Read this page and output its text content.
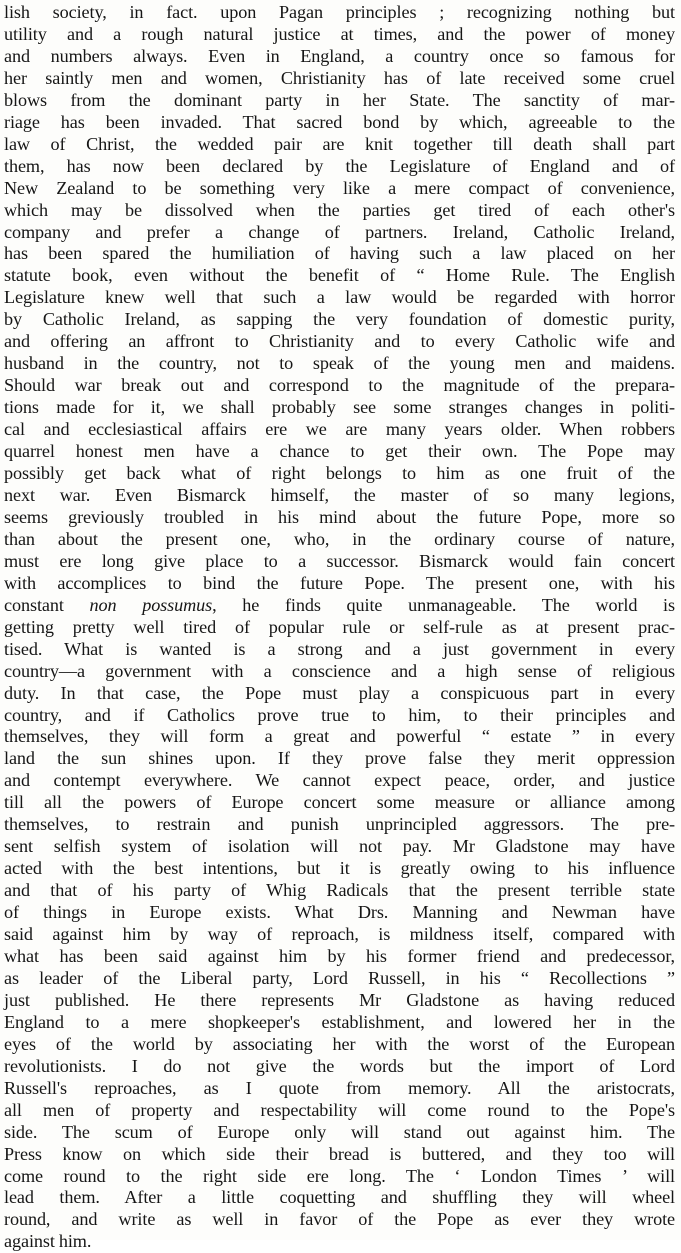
lish society, in fact. upon Pagan principles ; recognizing nothing but
utility and a rough natural justice at times, and the power of money
and numbers always. Even in England, a country once so famous for
her saintly men and women, Christianity has of late received some cruel
blows from the dominant party in her State. The sanctity of mar-
riage has been invaded. That sacred bond by which, agreeable to the
law of Christ, the wedded pair are knit together till death shall part
them, has now been declared by the Legislature of England and of
New Zealand to be something very like a mere compact of convenience,
which may be dissolved when the parties get tired of each other's
company and prefer a change of partners. Ireland, Catholic Ireland,
has been spared the humiliation of having such a law placed on her
statute book, even without the benefit of “ Home Rule. The English
Legislature knew well that such a law would be regarded with horror
by Catholic Ireland, as sapping the very foundation of domestic purity,
and offering an affront to Christianity and to every Catholic wife and
husband in the country, not to speak of the young men and maidens.
Should war break out and correspond to the magnitude of the prepara-
tions made for it, we shall probably see some stranges changes in politi-
cal and ecclesiastical affairs ere we are many years older. When robbers
quarrel honest men have a chance to get their own. The Pope may
possibly get back what of right belongs to him as one fruit of the
next war. Even Bismarck himself, the master of so many legions,
seems greviously troubled in his mind about the future Pope, more so
than about the present one, who, in the ordinary course of nature,
must ere long give place to a successor. Bismarck would fain concert
with accomplices to bind the future Pope. The present one, with his
constant non possumus, he finds quite unmanageable. The world is
getting pretty well tired of popular rule or self-rule as at present prac-
tised. What is wanted is a strong and a just government in every
country—a government with a conscience and a high sense of religious
duty. In that case, the Pope must play a conspicuous part in every
country, and if Catholics prove true to him, to their principles and
themselves, they will form a great and powerful “ estate ” in every
land the sun shines upon. If they prove false they merit oppression
and contempt everywhere. We cannot expect peace, order, and justice
till all the powers of Europe concert some measure or alliance among
themselves, to restrain and punish unprincipled aggressors. The pre-
sent selfish system of isolation will not pay. Mr Gladstone may have
acted with the best intentions, but it is greatly owing to his influence
and that of his party of Whig Radicals that the present terrible state
of things in Europe exists. What Drs. Manning and Newman have
said against him by way of reproach, is mildness itself, compared with
what has been said against him by his former friend and predecessor,
as leader of the Liberal party, Lord Russell, in his “ Recollections ”
just published. He there represents Mr Gladstone as having reduced
England to a mere shopkeeper's establishment, and lowered her in the
eyes of the world by associating her with the worst of the European
revolutionists. I do not give the words but the import of Lord
Russell's reproaches, as I quote from memory. All the aristocrats,
all men of property and respectability will come round to the Pope's
side. The scum of Europe only will stand out against him. The
Press know on which side their bread is buttered, and they too will
come round to the right side ere long. The ‘ London Times ’ will
lead them. After a little coquetting and shuffling they will wheel
round, and write as well in favor of the Pope as ever they wrote
against him.
